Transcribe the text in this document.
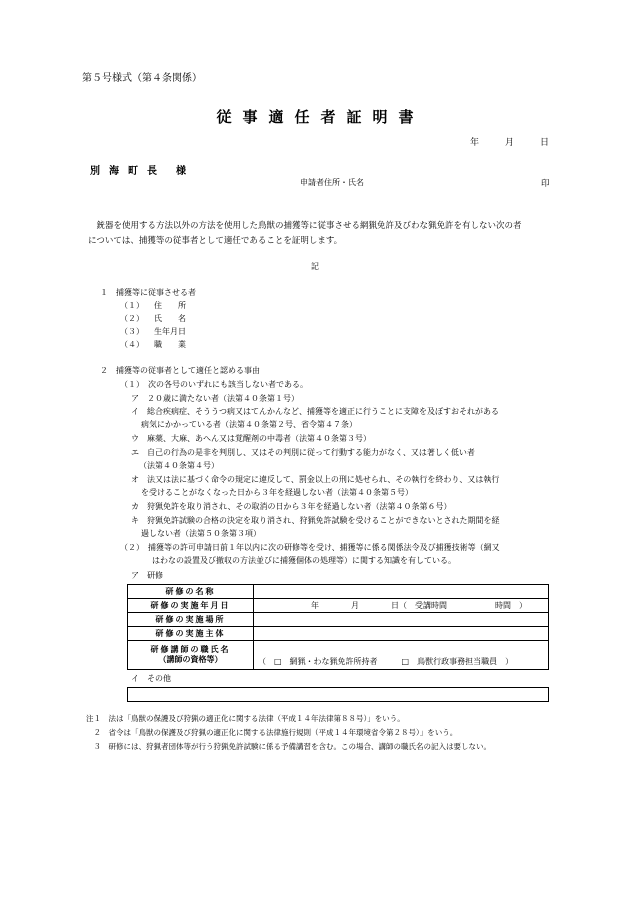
第５号様式（第４条関係）
従事適任者証明書
年	月	日
別海町長 様
申請者住所・氏名	印
　銃器を使用する方法以外の方法を使用した鳥獣の捕獲等に従事させる網猟免許及びわな猟免許を有しない次の者
については、捕獲等の従事者として適任であることを証明します。
記
１　捕獲等に従事させる者
（１） 住　　所
（２） 氏　　名
（３） 生年月日
（４） 職　　業
２　捕獲等の従事者として適任と認める事由
（１）　次の各号のいずれにも該当しない者である。
ア　２０歳に満たない者（法第４０条第１号）
イ　総合疾病症、そううつ病又はてんかんなど、捕獲等を適正に行うことに支障を及ぼすおそれがある
病気にかかっている者（法第４０条第２号、省令第４７条）
ウ　麻薬、大麻、あへん又は覚醒剤の中毒者（法第４０条第３号）
エ　自己の行為の是非を判別し、又はその判別に従って行動する能力がなく、又は著しく低い者
（法第４０条第４号）
オ　法又は法に基づく命令の規定に違反して、罰金以上の刑に処せられ、その執行を終わり、又は執行
を受けることがなくなった日から３年を経過しない者（法第４０条第５号）
カ　狩猟免許を取り消され、その取消の日から３年を経過しない者（法第４０条第６号）
キ　狩猟免許試験の合格の決定を取り消され、狩猟免許試験を受けることができないとされた期間を経
過しない者（法第５０条第３項）
（２）　捕獲等の許可申請日前１年以内に次の研修等を受け、捕獲等に係る関係法令及び捕獲技術等（網又
はわなの設置及び撤収の方法並びに捕獲個体の処理等）に関する知識を有している。
ア　研修
研修の名称	
研修の実施年月日	年　　　　月　　　　日（　受講時間　　　　　　時間　）
研修の実施場所	
研修の実施主体	

研修講師の職氏名
（講師の資格等）	（　□　網猟・わな猟免許所持者　　　□　鳥獣行政事務担当職員　）
イ　その他
注１　法は「鳥獣の保護及び狩猟の適正化に関する法律（平成１４年法律第８８号）」をいう。
　２　省令は「鳥獣の保護及び狩猟の適正化に関する法律施行規則（平成１４年環境省令第２８号）」をいう。
　３　研修には、狩猟者団体等が行う狩猟免許試験に係る予備講習を含む。この場合、講師の職氏名の記入は要しない。
